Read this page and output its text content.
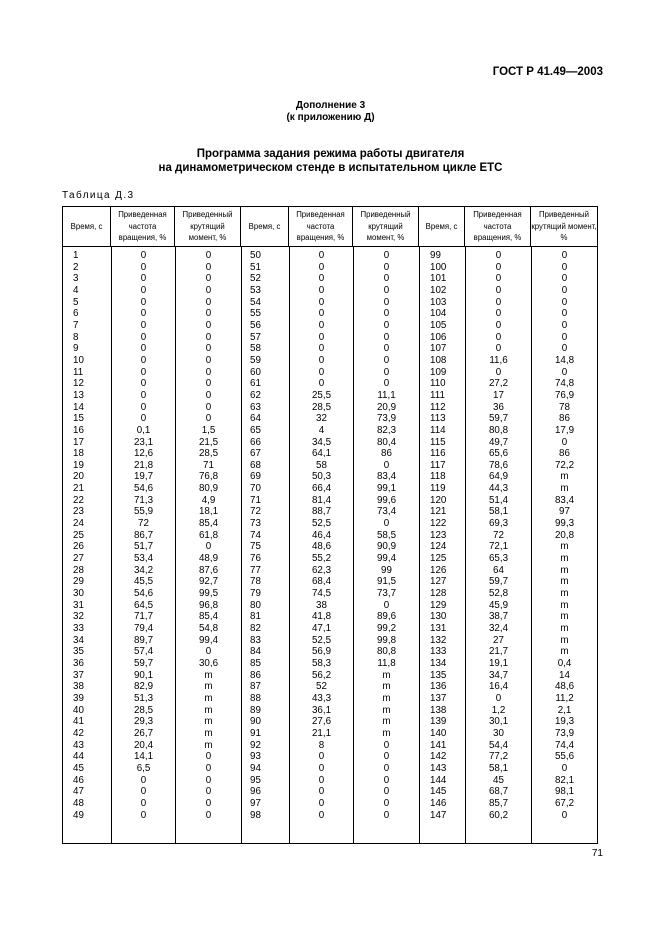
ГОСТ Р 41.49—2003
Дополнение 3
(к приложению Д)
Программа задания режима работы двигателя
на динамометрическом стенде в испытательном цикле ETC
Таблица Д.3
Время, с
Приведенная частота вращения, %
Приведенный крутящий момент, %
Время, с
Приведенная частота вращения, %
Приведенный крутящий момент, %
Время, с
Приведенная частота вращения, %
Приведенный крутящий момент, %
1
2
3
4
5
6
7
8
9
10
11
12
13
14
15
16
17
18
19
20
21
22
23
24
25
26
27
28
29
30
31
32
33
34
35
36
37
38
39
40
41
42
43
44
45
46
47
48
49
0
0
0
0
0
0
0
0
0
0
0
0
0
0
0
0,1
23,1
12,6
21,8
19,7
54,6
71,3
55,9
72
86,7
51,7
53,4
34,2
45,5
54,6
64,5
71,7
79,4
89,7
57,4
59,7
90,1
82,9
51,3
28,5
29,3
26,7
20,4
14,1
6,5
0
0
0
0
0
0
0
0
0
0
0
0
0
0
0
0
0
0
0
1,5
21,5
28,5
71
76,8
80,9
4,9
18,1
85,4
61,8
0
48,9
87,6
92,7
99,5
96,8
85,4
54,8
99,4
0
30,6
m
m
m
m
m
m
m
0
0
0
0
0
0
50
51
52
53
54
55
56
57
58
59
60
61
62
63
64
65
66
67
68
69
70
71
72
73
74
75
76
77
78
79
80
81
82
83
84
85
86
87
88
89
90
91
92
93
94
95
96
97
98
0
0
0
0
0
0
0
0
0
0
0
0
25,5
28,5
32
4
34,5
64,1
58
50,3
66,4
81,4
88,7
52,5
46,4
48,6
55,2
62,3
68,4
74,5
38
41,8
47,1
52,5
56,9
58,3
56,2
52
43,3
36,1
27,6
21,1
8
0
0
0
0
0
0
0
0
0
0
0
0
0
0
0
0
0
0
11,1
20,9
73,9
82,3
80,4
86
0
83,4
99,1
99,6
73,4
0
58,5
90,9
99,4
99
91,5
73,7
0
89,6
99,2
99,8
80,8
11,8
m
m
m
m
m
m
0
0
0
0
0
0
0
99
100
101
102
103
104
105
106
107
108
109
110
111
112
113
114
115
116
117
118
119
120
121
122
123
124
125
126
127
128
129
130
131
132
133
134
135
136
137
138
139
140
141
142
143
144
145
146
147
0
0
0
0
0
0
0
0
0
11,6
0
27,2
17
36
59,7
80,8
49,7
65,6
78,6
64,9
44,3
51,4
58,1
69,3
72
72,1
65,3
64
59,7
52,8
45,9
38,7
32,4
27
21,7
19,1
34,7
16,4
0
1,2
30,1
30
54,4
77,2
58,1
45
68,7
85,7
60,2
0
0
0
0
0
0
0
0
0
14,8
0
74,8
76,9
78
86
17,9
0
86
72,2
m
m
83,4
97
99,3
20,8
m
m
m
m
m
m
m
m
m
m
0,4
14
48,6
11,2
2,1
19,3
73,9
74,4
55,6
0
82,1
98,1
67,2
0
71
